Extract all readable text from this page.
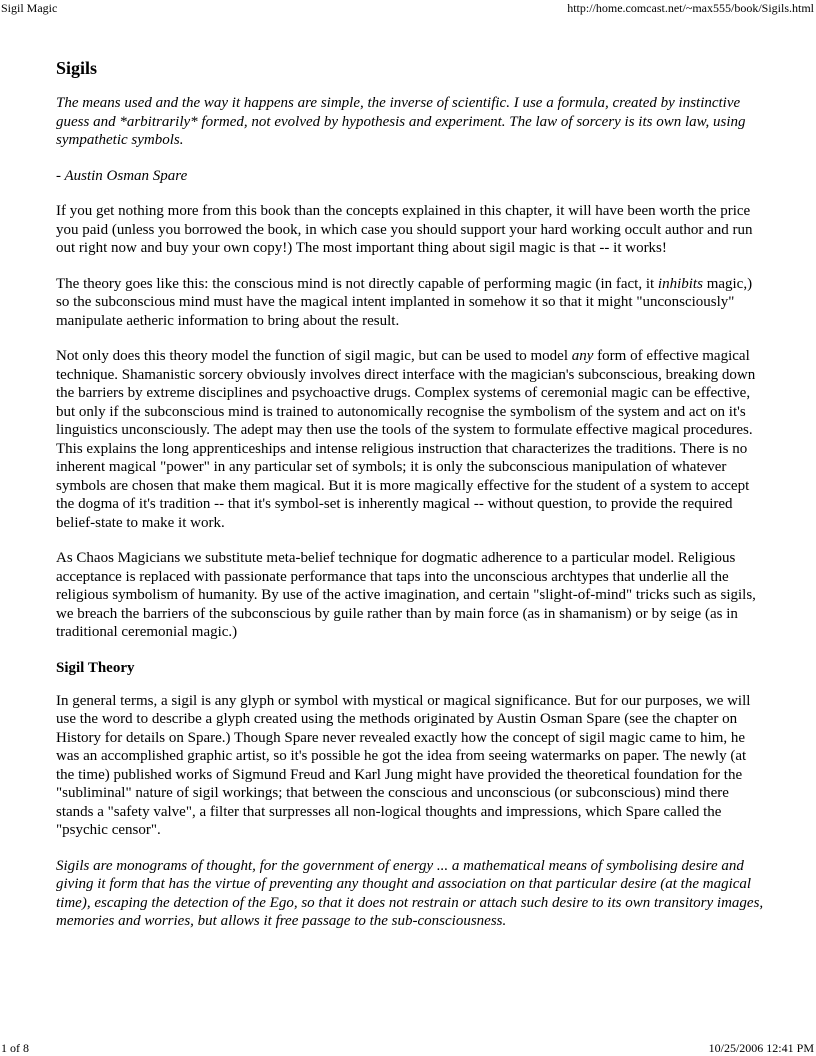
Sigil Magic	http://home.comcast.net/~max555/book/Sigils.html
Sigils

The means used and the way it happens are simple, the inverse of scientific. I use a formula, created by instinctive guess and *arbitrarily* formed, not evolved by hypothesis and experiment. The law of sorcery is its own law, using sympathetic symbols.

- Austin Osman Spare

If you get nothing more from this book than the concepts explained in this chapter, it will have been worth the price you paid (unless you borrowed the book, in which case you should support your hard working occult author and run out right now and buy your own copy!) The most important thing about sigil magic is that -- it works!

The theory goes like this: the conscious mind is not directly capable of performing magic (in fact, it inhibits magic,) so the subconscious mind must have the magical intent implanted in somehow it so that it might "unconsciously" manipulate aetheric information to bring about the result.

Not only does this theory model the function of sigil magic, but can be used to model any form of effective magical technique. Shamanistic sorcery obviously involves direct interface with the magician's subconscious, breaking down the barriers by extreme disciplines and psychoactive drugs. Complex systems of ceremonial magic can be effective, but only if the subconscious mind is trained to autonomically recognise the symbolism of the system and act on it's linguistics unconsciously. The adept may then use the tools of the system to formulate effective magical procedures. This explains the long apprenticeships and intense religious instruction that characterizes the traditions. There is no inherent magical "power" in any particular set of symbols; it is only the subconscious manipulation of whatever symbols are chosen that make them magical. But it is more magically effective for the student of a system to accept the dogma of it's tradition -- that it's symbol-set is inherently magical -- without question, to provide the required belief-state to make it work.

As Chaos Magicians we substitute meta-belief technique for dogmatic adherence to a particular model. Religious acceptance is replaced with passionate performance that taps into the unconscious archtypes that underlie all the religious symbolism of humanity. By use of the active imagination, and certain "slight-of-mind" tricks such as sigils, we breach the barriers of the subconscious by guile rather than by main force (as in shamanism) or by seige (as in traditional ceremonial magic.)

Sigil Theory

In general terms, a sigil is any glyph or symbol with mystical or magical significance. But for our purposes, we will use the word to describe a glyph created using the methods originated by Austin Osman Spare (see the chapter on History for details on Spare.) Though Spare never revealed exactly how the concept of sigil magic came to him, he was an accomplished graphic artist, so it's possible he got the idea from seeing watermarks on paper. The newly (at the time) published works of Sigmund Freud and Karl Jung might have provided the theoretical foundation for the "subliminal" nature of sigil workings; that between the conscious and unconscious (or subconscious) mind there stands a "safety valve", a filter that surpresses all non-logical thoughts and impressions, which Spare called the "psychic censor".

Sigils are monograms of thought, for the government of energy ... a mathematical means of symbolising desire and giving it form that has the virtue of preventing any thought and association on that particular desire (at the magical time), escaping the detection of the Ego, so that it does not restrain or attach such desire to its own transitory images, memories and worries, but allows it free passage to the sub-consciousness.

1 of 8	10/25/2006 12:41 PM
